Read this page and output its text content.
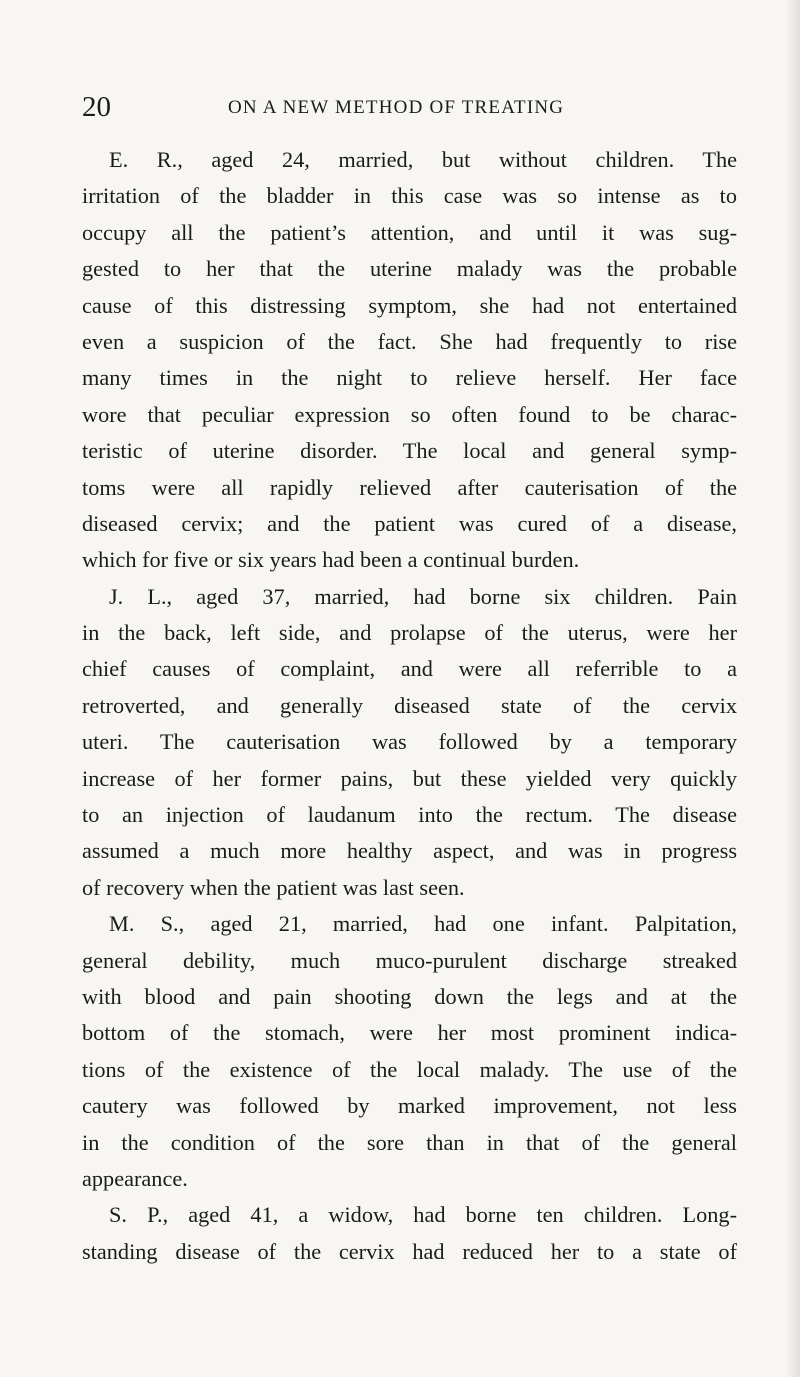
20	ON A NEW METHOD OF TREATING
E. R., aged 24, married, but without children. The
irritation of the bladder in this case was so intense as to
occupy all the patient’s attention, and until it was sug-
gested to her that the uterine malady was the probable
cause of this distressing symptom, she had not entertained
even a suspicion of the fact. She had frequently to rise
many times in the night to relieve herself. Her face
wore that peculiar expression so often found to be charac-
teristic of uterine disorder. The local and general symp-
toms were all rapidly relieved after cauterisation of the
diseased cervix; and the patient was cured of a disease,
which for five or six years had been a continual burden.
J. L., aged 37, married, had borne six children. Pain
in the back, left side, and prolapse of the uterus, were her
chief causes of complaint, and were all referrible to a
retroverted, and generally diseased state of the cervix
uteri. The cauterisation was followed by a temporary
increase of her former pains, but these yielded very quickly
to an injection of laudanum into the rectum. The disease
assumed a much more healthy aspect, and was in progress
of recovery when the patient was last seen.
M. S., aged 21, married, had one infant. Palpitation,
general debility, much muco-purulent discharge streaked
with blood and pain shooting down the legs and at the
bottom of the stomach, were her most prominent indica-
tions of the existence of the local malady. The use of the
cautery was followed by marked improvement, not less
in the condition of the sore than in that of the general
appearance.
S. P., aged 41, a widow, had borne ten children. Long-
standing disease of the cervix had reduced her to a state of
